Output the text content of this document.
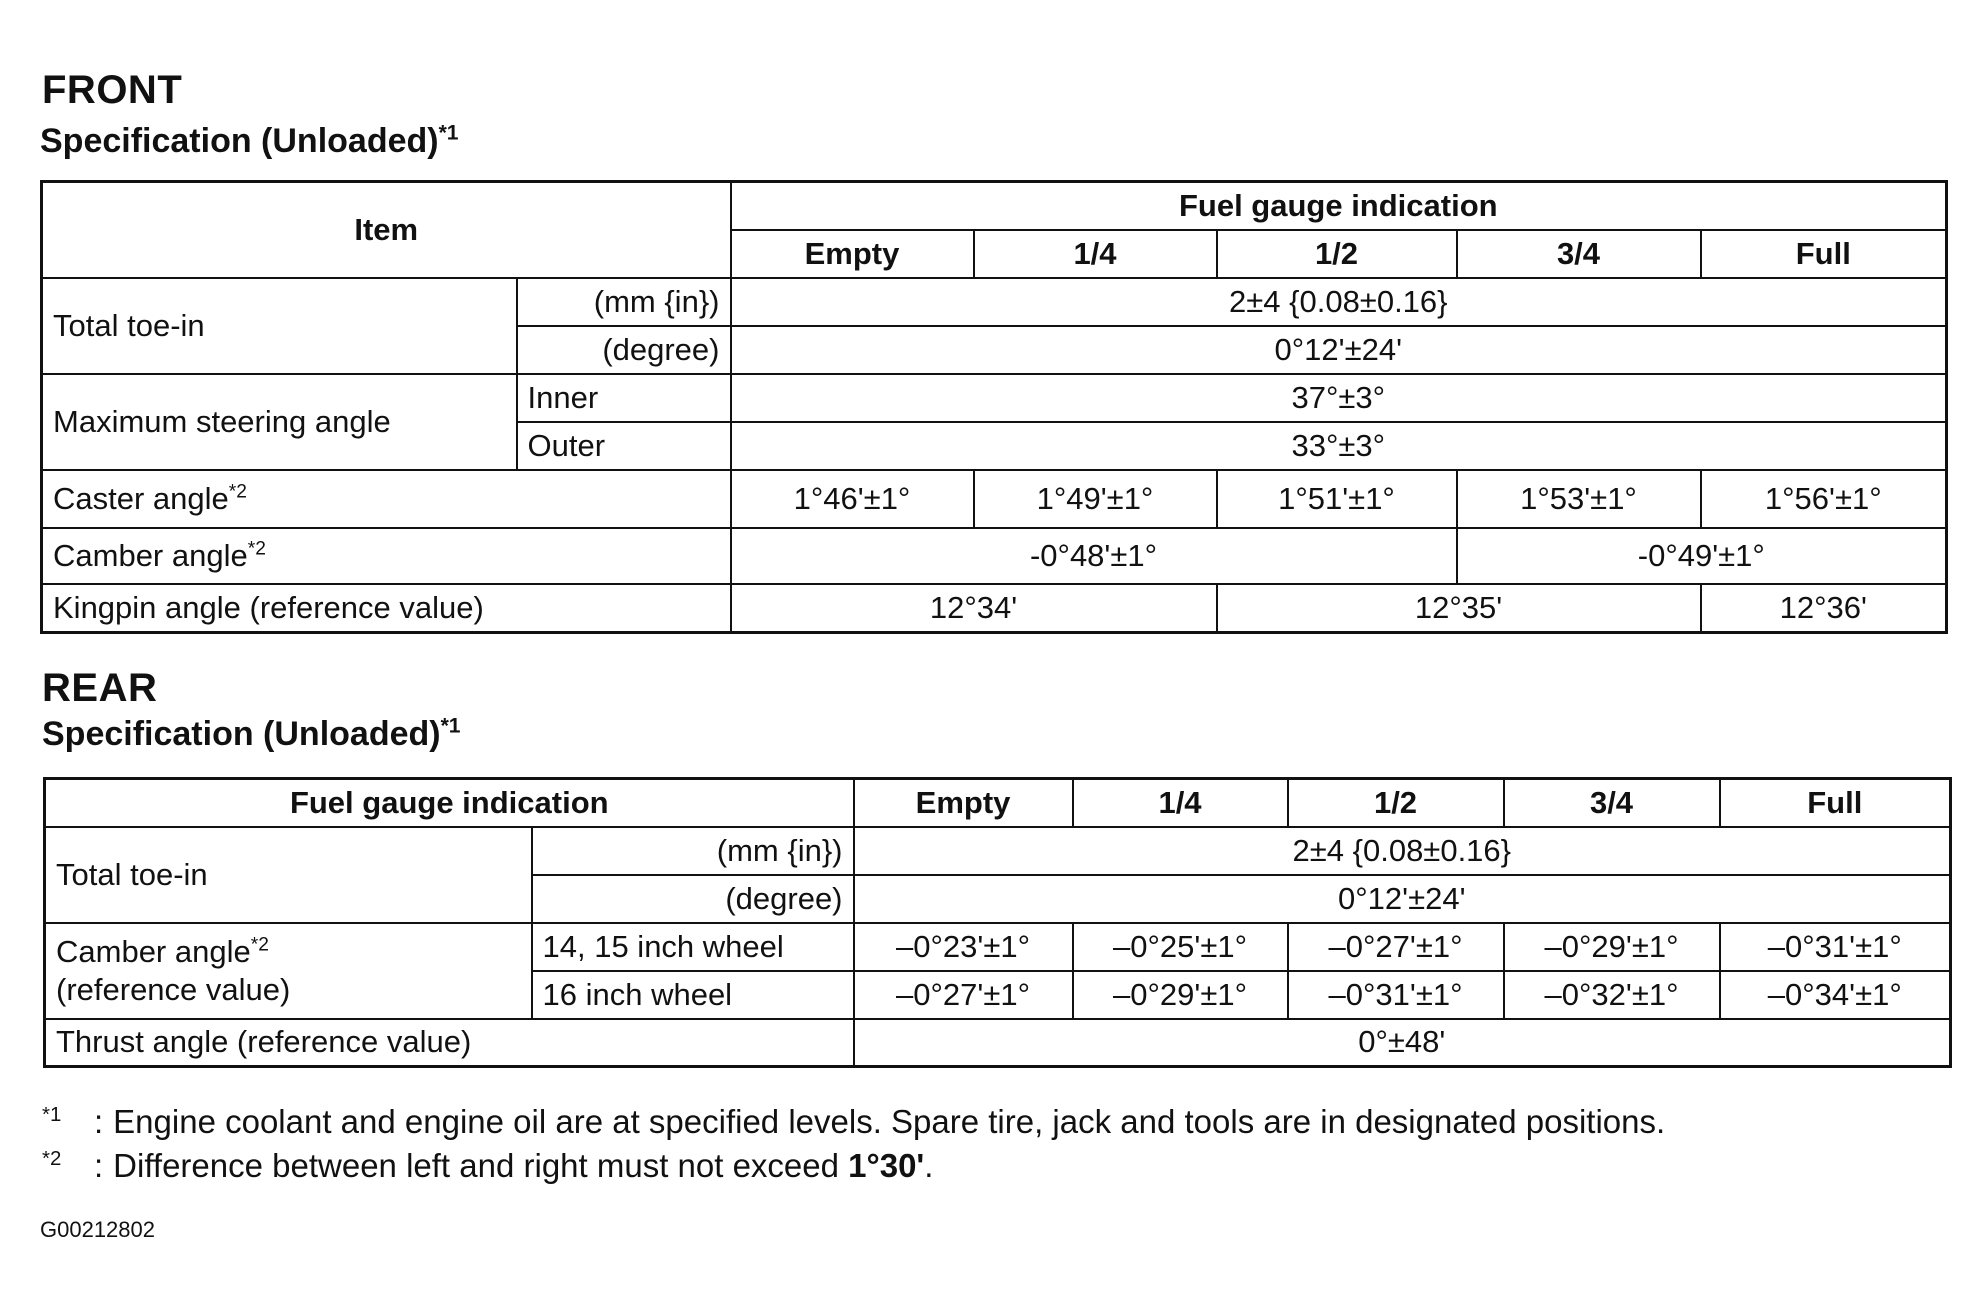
FRONT
Specification (Unloaded)$^{*1}$
Item		Fuel gauge indication				
		Empty	1/4	1/2	3/4	Full
Total toe-in	(mm {in})	2±4 {0.08±0.16}				
	(degree)	0°12'±24'				
Maximum steering angle	Inner	37°±3°				
	Outer	33°±3°				
Caster angle$^{*2}$		1°46'±1°	1°49'±1°	1°51'±1°	1°53'±1°	1°56'±1°
Camber angle$^{*2}$		-0°48'±1°			-0°49'±1°	
Kingpin angle (reference value)		12°34'		12°35'		12°36'
REAR
Specification (Unloaded)$^{*1}$
Fuel gauge indication		Empty	1/4	1/2	3/4	Full
Total toe-in	(mm {in})	2±4 {0.08±0.16}				
	(degree)	0°12'±24'				
Camber angle$^{*2}$
(reference value)	14, 15 inch wheel	–0°23'±1°	–0°25'±1°	–0°27'±1°	–0°29'±1°	–0°31'±1°
	16 inch wheel	–0°27'±1°	–0°29'±1°	–0°31'±1°	–0°32'±1°	–0°34'±1°
Thrust angle (reference value)		0°±48'				
$^{*1}$ : Engine coolant and engine oil are at specified levels. Spare tire, jack and tools are in designated positions.
$^{*2}$ : Difference between left and right must not exceed 1°30'.
G00212802
